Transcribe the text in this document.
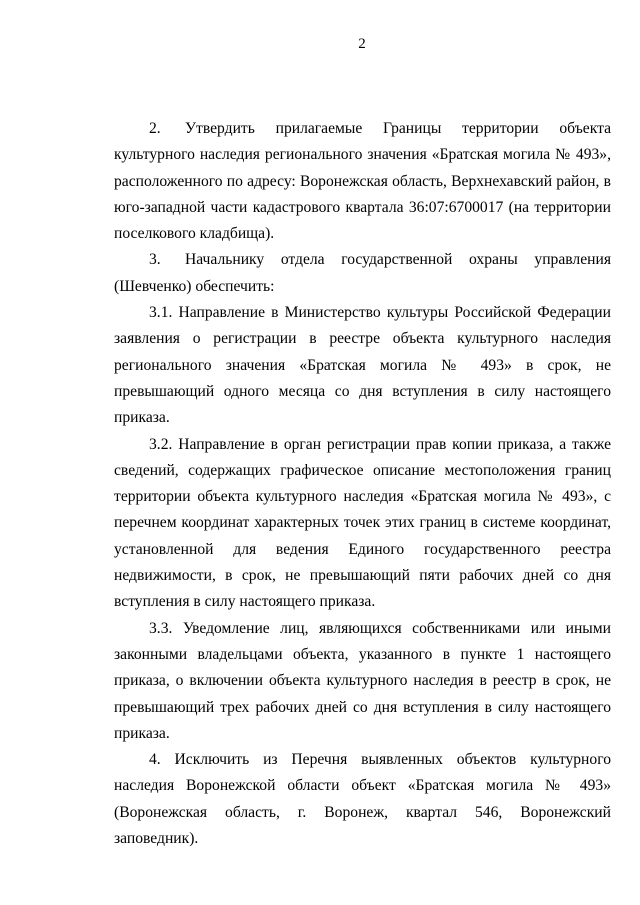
2

2. Утвердить прилагаемые Границы территории объекта культурного наследия регионального значения «Братская могила № 493», расположенного по адресу: Воронежская область, Верхнехавский район, в юго-западной части кадастрового квартала 36:07:6700017 (на территории поселкового кладбища).

3. Начальнику отдела государственной охраны управления (Шевченко) обеспечить:

3.1. Направление в Министерство культуры Российской Федерации заявления о регистрации в реестре объекта культурного наследия регионального значения «Братская могила № 493» в срок, не превышающий одного месяца со дня вступления в силу настоящего приказа.

3.2. Направление в орган регистрации прав копии приказа, а также сведений, содержащих графическое описание местоположения границ территории объекта культурного наследия «Братская могила № 493», с перечнем координат характерных точек этих границ в системе координат, установленной для ведения Единого государственного реестра недвижимости, в срок, не превышающий пяти рабочих дней со дня вступления в силу настоящего приказа.

3.3. Уведомление лиц, являющихся собственниками или иными законными владельцами объекта, указанного в пункте 1 настоящего приказа, о включении объекта культурного наследия в реестр в срок, не превышающий трех рабочих дней со дня вступления в силу настоящего приказа.

4. Исключить из Перечня выявленных объектов культурного наследия Воронежской области объект «Братская могила № 493» (Воронежская область, г. Воронеж, квартал 546, Воронежский заповедник).
